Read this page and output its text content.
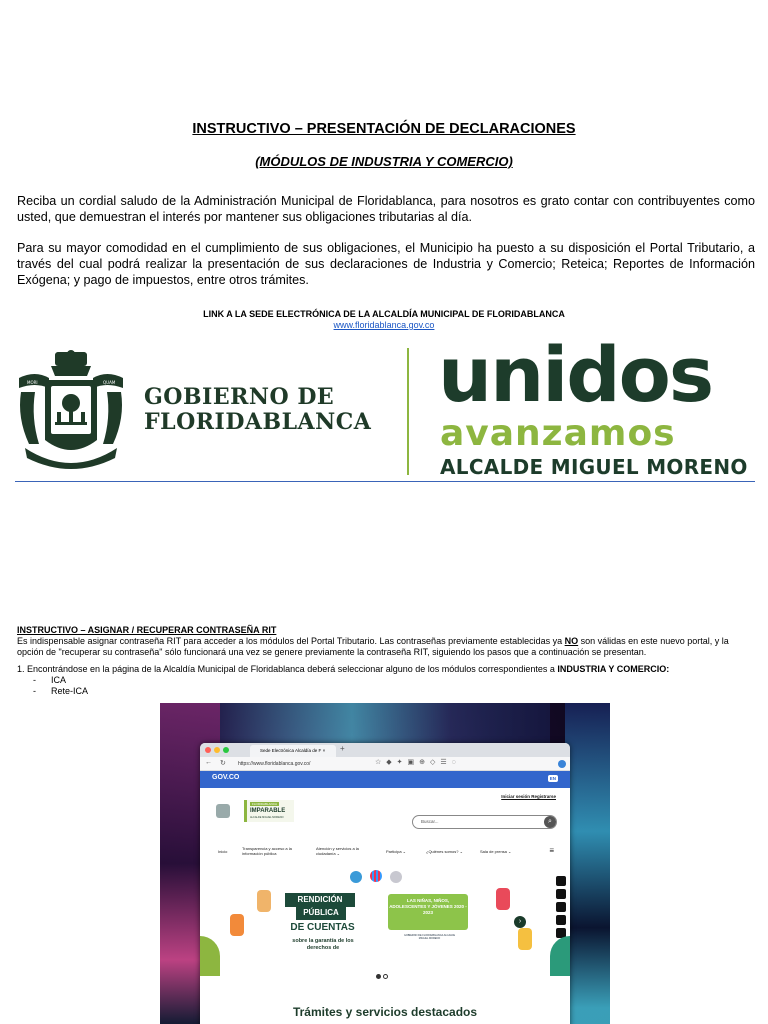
INSTRUCTIVO – PRESENTACIÓN DE DECLARACIONES
(MÓDULOS DE INDUSTRIA Y COMERCIO)

Reciba un cordial saludo de la Administración Municipal de Floridablanca, para nosotros es grato contar con contribuyentes como usted, que demuestran el interés por mantener sus obligaciones tributarias al día.

Para su mayor comodidad en el cumplimiento de sus obligaciones, el Municipio ha puesto a su disposición el Portal Tributario, a través del cual podrá realizar la presentación de sus declaraciones de Industria y Comercio; Reteica; Reportes de Información Exógena; y pago de impuestos, entre otros trámites.

LINK A LA SEDE ELECTRÓNICA DE LA ALCALDÍA MUNICIPAL DE FLORIDABLANCA
www.floridablanca.gov.co
MORI	QUAM
GOBIERNO DE
FLORIDABLANCA
unidos
avanzamos
ALCALDE MIGUEL MORENO
INSTRUCTIVO – ASIGNAR / RECUPERAR CONTRASEÑA RIT

Es indispensable asignar contraseña RIT para acceder a los módulos del Portal Tributario. Las contraseñas previamente establecidas ya NO son válidas en este nuevo portal, y la opción de "recuperar su contraseña" sólo funcionará una vez se genere previamente la contraseña RIT, siguiendo los pasos que a continuación se presentan.

1. Encontrándose en la página de la Alcaldía Municipal de Floridablanca deberá seleccionar alguno de los módulos correspondientes a INDUSTRIA Y COMERCIO:

- ICA
- Rete-ICA
Sede Electrónica Alcaldía de F ×	+
← ↻ https://www.floridablanca.gov.co/	☆◆✦▣⊕◇☰◌
GOV.CO	EN
FLORIDABLANCA
IMPARABLE
ALCALDE MIGUEL MORENO
Iniciar sesión Registrarse
Buscar...	⌕
Inicio	Transparencia y acceso a la información pública
Atención y servicios a la ciudadanía ⌄	Participa ⌄	¿Quiénes somos? ⌄	Sala de prensa ⌄	≡
RENDICIÓN
PÚBLICA
DE CUENTAS
sobre la garantía de los derechos de
LAS NIÑAS, NIÑOS, ADOLESCENTES Y JÓVENES 2020 - 2023
GOBIERNO DE FLORIDABLANCA ALCALDE MIGUEL MORENO
›
Trámites y servicios destacados
